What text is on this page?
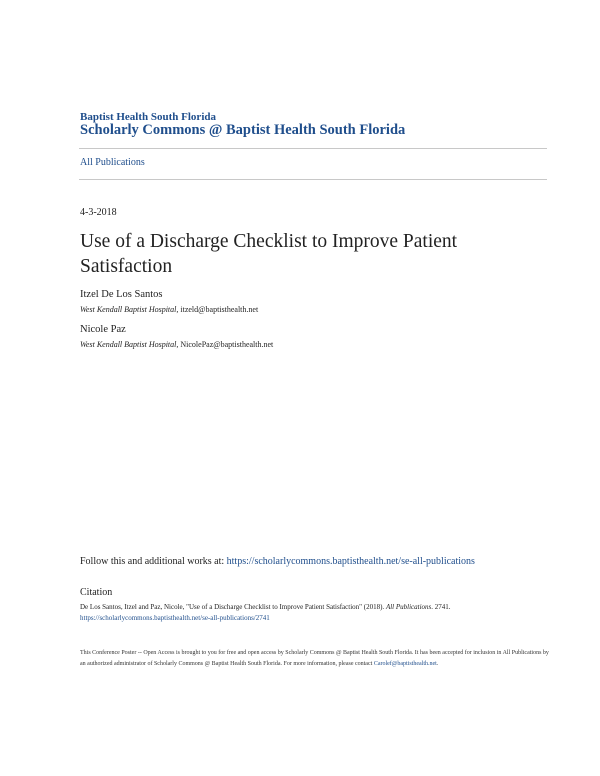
Baptist Health South Florida
Scholarly Commons @ Baptist Health South Florida
All Publications
4-3-2018
Use of a Discharge Checklist to Improve Patient Satisfaction
Itzel De Los Santos
West Kendall Baptist Hospital, itzeld@baptisthealth.net
Nicole Paz
West Kendall Baptist Hospital, NicolePaz@baptisthealth.net
Follow this and additional works at: https://scholarlycommons.baptisthealth.net/se-all-publications
Citation
De Los Santos, Itzel and Paz, Nicole, "Use of a Discharge Checklist to Improve Patient Satisfaction" (2018). All Publications. 2741.
https://scholarlycommons.baptisthealth.net/se-all-publications/2741
This Conference Poster -- Open Access is brought to you for free and open access by Scholarly Commons @ Baptist Health South Florida. It has been accepted for inclusion in All Publications by an authorized administrator of Scholarly Commons @ Baptist Health South Florida. For more information, please contact Carolef@baptisthealth.net.
